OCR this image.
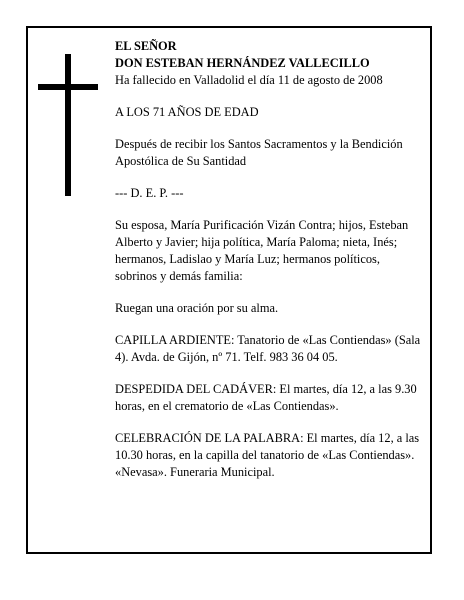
EL SEÑOR

DON ESTEBAN HERNÁNDEZ VALLECILLO

Ha fallecido en Valladolid el día 11 de agosto de 2008

A LOS 71 AÑOS DE EDAD

Después de recibir los Santos Sacramentos y la Bendición Apostólica de Su Santidad

--- D. E. P. ---

Su esposa, María Purificación Vizán Contra; hijos, Esteban Alberto y Javier; hija política, María Paloma; nieta, Inés; hermanos, Ladislao y María Luz; hermanos políticos, sobrinos y demás familia:

Ruegan una oración por su alma.

CAPILLA ARDIENTE: Tanatorio de «Las Contiendas» (Sala 4). Avda. de Gijón, nº 71. Telf. 983 36 04 05.

DESPEDIDA DEL CADÁVER: El martes, día 12, a las 9.30 horas, en el crematorio de «Las Contiendas».

CELEBRACIÓN DE LA PALABRA: El martes, día 12, a las 10.30 horas, en la capilla del tanatorio de «Las Contiendas».

«Nevasa». Funeraria Municipal.
